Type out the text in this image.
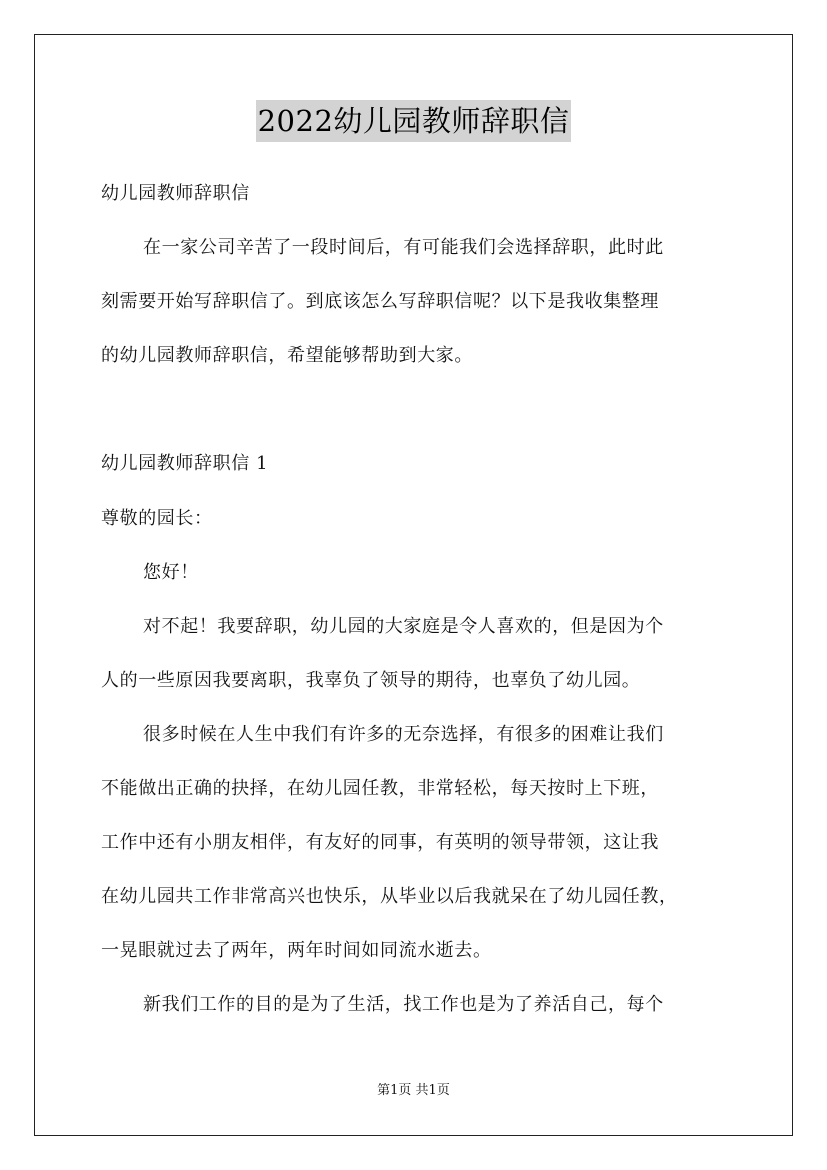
2022幼儿园教师辞职信
幼儿园教师辞职信
在一家公司辛苦了一段时间后，有可能我们会选择辞职，此时此
刻需要开始写辞职信了。到底该怎么写辞职信呢？以下是我收集整理
的幼儿园教师辞职信，希望能够帮助到大家。
幼儿园教师辞职信 1
尊敬的园长：
您好！
对不起！我要辞职，幼儿园的大家庭是令人喜欢的，但是因为个
人的一些原因我要离职，我辜负了领导的期待，也辜负了幼儿园。
很多时候在人生中我们有许多的无奈选择，有很多的困难让我们
不能做出正确的抉择，在幼儿园任教，非常轻松，每天按时上下班，
工作中还有小朋友相伴，有友好的同事，有英明的领导带领，这让我
在幼儿园共工作非常高兴也快乐，从毕业以后我就呆在了幼儿园任教，
一晃眼就过去了两年，两年时间如同流水逝去。
新我们工作的目的是为了生活，找工作也是为了养活自己，每个
第1页 共1页
